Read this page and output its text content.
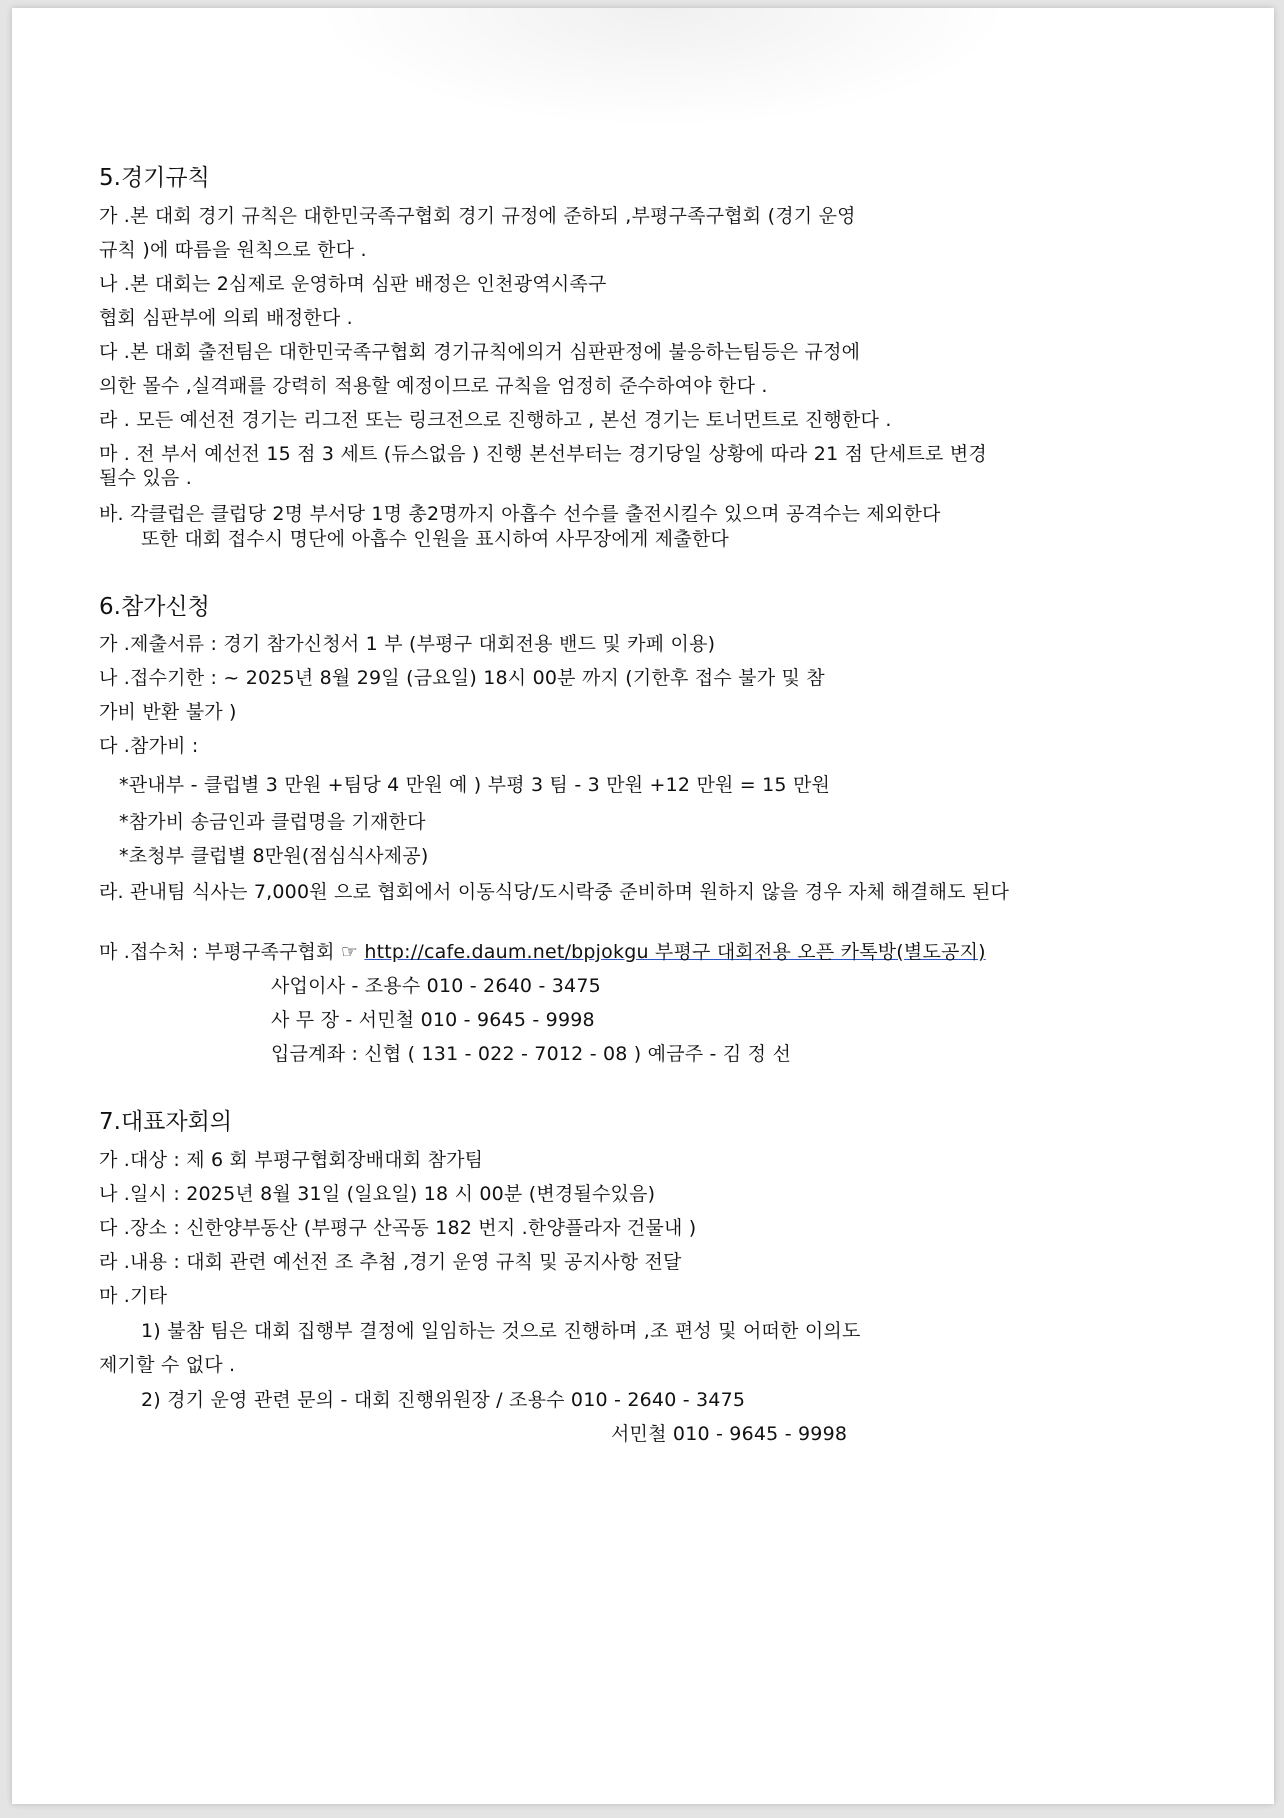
5.경기규칙

가 .본 대회 경기 규칙은 대한민국족구협회 경기 규정에 준하되 ,부평구족구협회 (경기 운영

규칙 )에 따름을 원칙으로 한다 .

나 .본 대회는 2심제로 운영하며 심판 배정은 인천광역시족구

협회 심판부에 의뢰 배정한다 .

다 .본 대회 출전팀은 대한민국족구협회 경기규칙에의거 심판판정에 불응하는팀등은 규정에

의한 몰수 ,실격패를 강력히 적용할 예정이므로 규칙을 엄정히 준수하여야 한다 .

라 . 모든 예선전 경기는 리그전 또는 링크전으로 진행하고 , 본선 경기는 토너먼트로 진행한다 .

마 . 전 부서 예선전 15 점 3 세트 (듀스없음 ) 진행 본선부터는 경기당일 상황에 따라 21 점 단세트로 변경

될수 있음 .

바. 각클럽은 클럽당 2명 부서당 1명 총2명까지 아흡수 선수를 출전시킬수 있으며 공격수는 제외한다

또한 대회 접수시 명단에 아흡수 인원을 표시하여 사무장에게 제출한다

6.참가신청

가 .제출서류 : 경기 참가신청서 1 부 (부평구 대회전용 밴드 및 카페 이용)

나 .접수기한 : ~ 2025년 8월 29일 (금요일) 18시 00분 까지 (기한후 접수 불가 및 참

가비 반환 불가 )

다 .참가비 :

*관내부 - 클럽별 3 만원 +팀당 4 만원 예 ) 부평 3 팀 - 3 만원 +12 만원 = 15 만원

*참가비 송금인과 클럽명을 기재한다

*초청부 클럽별 8만원(점심식사제공)

라. 관내팀 식사는 7,000원 으로 협회에서 이동식당/도시락중 준비하며 원하지 않을 경우 자체 해결해도 된다

마 .접수처 : 부평구족구협회 ☞ http://cafe.daum.net/bpjokgu 부평구 대회전용 오픈 카톡방(별도공지)

사업이사 - 조용수 010 - 2640 - 3475

사 무 장 - 서민철 010 - 9645 - 9998

입금계좌 : 신협 ( 131 - 022 - 7012 - 08 ) 예금주 - 김 정 선

7.대표자회의

가 .대상 : 제 6 회 부평구협회장배대회 참가팀

나 .일시 : 2025년 8월 31일 (일요일) 18 시 00분 (변경될수있음)

다 .장소 : 신한양부동산 (부평구 산곡동 182 번지 .한양플라자 건물내 )

라 .내용 : 대회 관련 예선전 조 추첨 ,경기 운영 규칙 및 공지사항 전달

마 .기타

1) 불참 팀은 대회 집행부 결정에 일임하는 것으로 진행하며 ,조 편성 및 어떠한 이의도

제기할 수 없다 .

2) 경기 운영 관련 문의 - 대회 진행위원장 / 조용수 010 - 2640 - 3475

서민철 010 - 9645 - 9998
